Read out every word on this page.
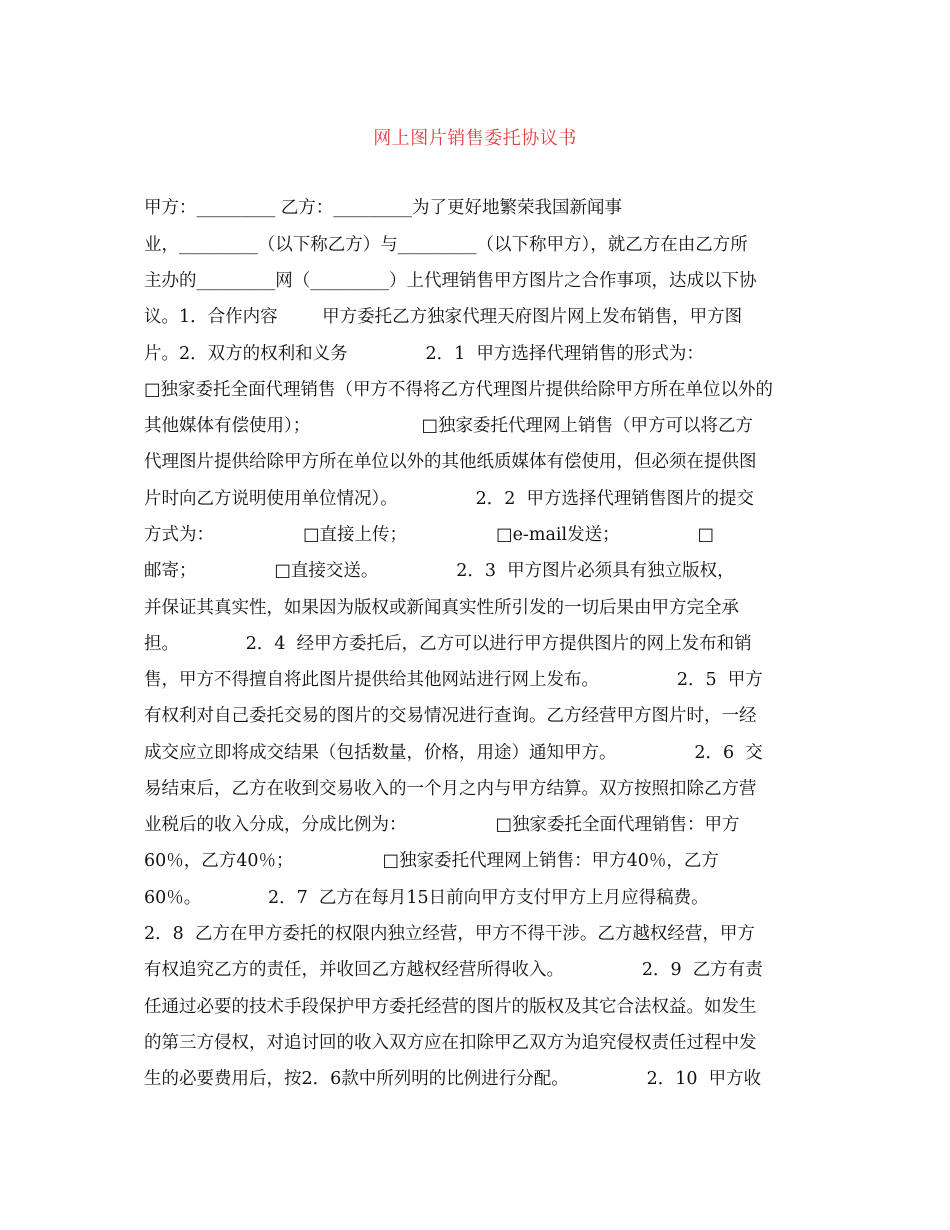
网上图片销售委托协议书
甲方：_________ 乙方：_________为了更好地繁荣我国新闻事
业，_________（以下称乙方）与_________（以下称甲方），就乙方在由乙方所
主办的_________网（_________）上代理销售甲方图片之合作事项，达成以下协
议。1．合作内容        甲方委托乙方独家代理天府图片网上发布销售，甲方图
片。2．双方的权利和义务              2．1  甲方选择代理销售的形式为：
□独家委托全面代理销售（甲方不得将乙方代理图片提供给除甲方所在单位以外的
其他媒体有偿使用）；                    □独家委托代理网上销售（甲方可以将乙方
代理图片提供给除甲方所在单位以外的其他纸质媒体有偿使用，但必须在提供图
片时向乙方说明使用单位情况）。              2．2  甲方选择代理销售图片的提交
方式为：                □直接上传；                □e-mail发送；              □
邮寄；              □直接交送。              2．3  甲方图片必须具有独立版权，
并保证其真实性，如果因为版权或新闻真实性所引发的一切后果由甲方完全承
担。            2．4  经甲方委托后，乙方可以进行甲方提供图片的网上发布和销
售，甲方不得擅自将此图片提供给其他网站进行网上发布。              2．5  甲方
有权利对自己委托交易的图片的交易情况进行查询。乙方经营甲方图片时，一经
成交应立即将成交结果（包括数量，价格，用途）通知甲方。              2．6  交
易结束后，乙方在收到交易收入的一个月之内与甲方结算。双方按照扣除乙方营
业税后的收入分成，分成比例为：                □独家委托全面代理销售：甲方
60％，乙方40％；                □独家委托代理网上销售：甲方40％，乙方
60％。            2．7  乙方在每月15日前向甲方支付甲方上月应得稿费。
2．8  乙方在甲方委托的权限内独立经营，甲方不得干涉。乙方越权经营，甲方
有权追究乙方的责任，并收回乙方越权经营所得收入。              2．9  乙方有责
任通过必要的技术手段保护甲方委托经营的图片的版权及其它合法权益。如发生
的第三方侵权，对追讨回的收入双方应在扣除甲乙双方为追究侵权责任过程中发
生的必要费用后，按2．6款中所列明的比例进行分配。              2．10  甲方收
